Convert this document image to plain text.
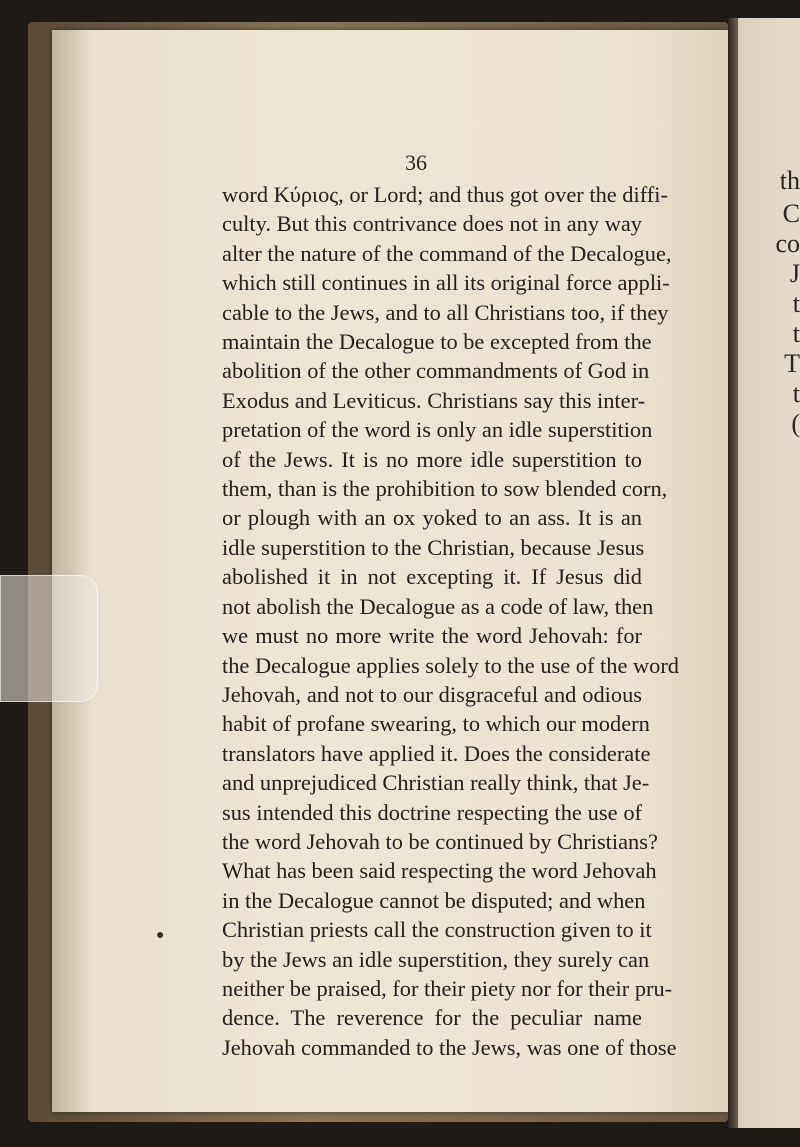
th
C
co
J
t
t
T
t
(
36
word Κύριος, or Lord; and thus got over the diffi-
culty. But this contrivance does not in any way
alter the nature of the command of the Decalogue,
which still continues in all its original force appli-
cable to the Jews, and to all Christians too, if they
maintain the Decalogue to be excepted from the
abolition of the other commandments of God in
Exodus and Leviticus. Christians say this inter-
pretation of the word is only an idle superstition
of the Jews. It is no more idle superstition to
them, than is the prohibition to sow blended corn,
or plough with an ox yoked to an ass. It is an
idle superstition to the Christian, because Jesus
abolished it in not excepting it. If Jesus did
not abolish the Decalogue as a code of law, then
we must no more write the word Jehovah: for
the Decalogue applies solely to the use of the word
Jehovah, and not to our disgraceful and odious
habit of profane swearing, to which our modern
translators have applied it. Does the considerate
and unprejudiced Christian really think, that Je-
sus intended this doctrine respecting the use of
the word Jehovah to be continued by Christians?
What has been said respecting the word Jehovah
in the Decalogue cannot be disputed; and when
Christian priests call the construction given to it
by the Jews an idle superstition, they surely can
neither be praised, for their piety nor for their pru-
dence. The reverence for the peculiar name
Jehovah commanded to the Jews, was one of those
●
